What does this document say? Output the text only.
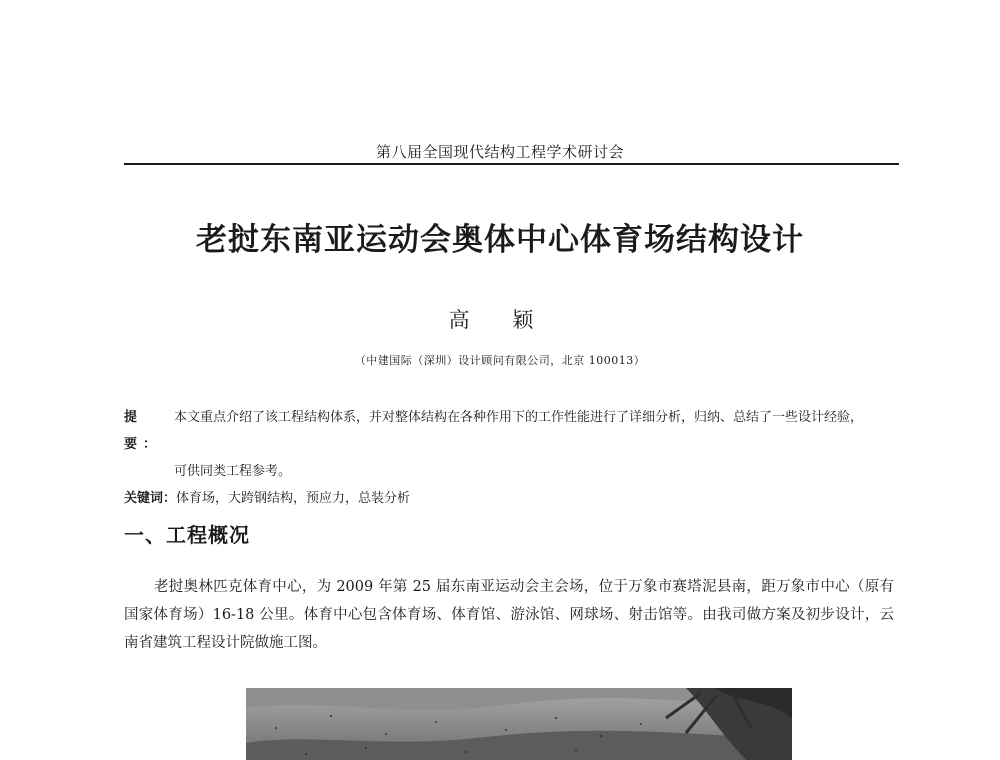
第八届全国现代结构工程学术研讨会
老挝东南亚运动会奥体中心体育场结构设计
高 颖
（中建国际（深圳）设计顾问有限公司，北京 100013）
提 要：
本文重点介绍了该工程结构体系，并对整体结构在各种作用下的工作性能进行了详细分析，归纳、总结了一些设计经验，
可供同类工程参考。
关键词： 体育场，大跨钢结构，预应力，总装分析
一、工程概况
老挝奥林匹克体育中心，为 2009 年第 25 届东南亚运动会主会场，位于万象市赛塔泥县南，距万象市中心（原有国家体育场）16-18 公里。体育中心包含体育场、体育馆、游泳馆、网球场、射击馆等。由我司做方案及初步设计，云南省建筑工程设计院做施工图。
